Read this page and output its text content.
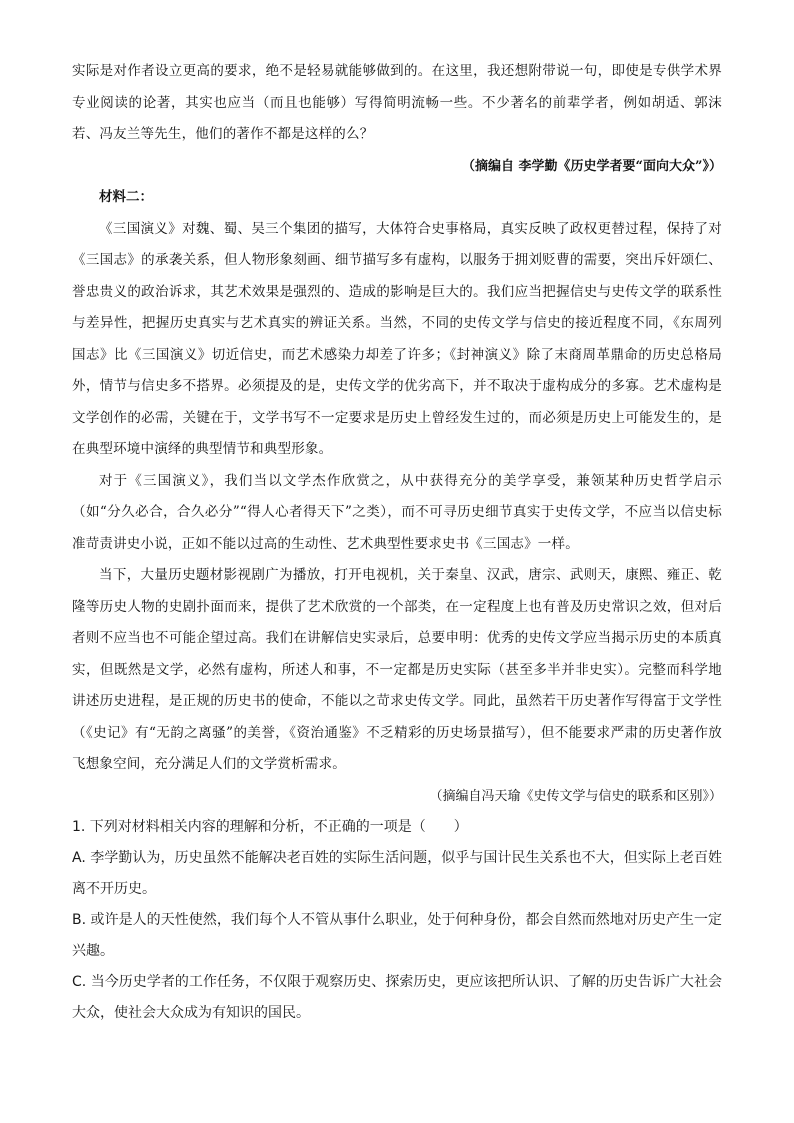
实际是对作者设立更高的要求，绝不是轻易就能够做到的。在这里，我还想附带说一句，即使是专供学术界专业阅读的论著，其实也应当（而且也能够）写得简明流畅一些。不少著名的前辈学者，例如胡适、郭沫若、冯友兰等先生，他们的著作不都是这样的么？

（摘编自 李学勤《历史学者要“面向大众”》）

材料二：

《三国演义》对魏、蜀、吴三个集团的描写，大体符合史事格局，真实反映了政权更替过程，保持了对《三国志》的承袭关系，但人物形象刻画、细节描写多有虚构，以服务于拥刘贬曹的需要，突出斥奸颂仁、誉忠贵义的政治诉求，其艺术效果是强烈的、造成的影响是巨大的。我们应当把握信史与史传文学的联系性与差异性，把握历史真实与艺术真实的辨证关系。当然，不同的史传文学与信史的接近程度不同，《东周列国志》比《三国演义》切近信史，而艺术感染力却差了许多；《封神演义》除了末商周革鼎命的历史总格局外，情节与信史多不搭界。必须提及的是，史传文学的优劣高下，并不取决于虚构成分的多寡。艺术虚构是文学创作的必需，关键在于，文学书写不一定要求是历史上曾经发生过的，而必须是历史上可能发生的，是在典型环境中演绎的典型情节和典型形象。

对于《三国演义》，我们当以文学杰作欣赏之，从中获得充分的美学享受，兼领某种历史哲学启示（如“分久必合，合久必分”“得人心者得天下”之类），而不可寻历史细节真实于史传文学，不应当以信史标准苛责讲史小说，正如不能以过高的生动性、艺术典型性要求史书《三国志》一样。

当下，大量历史题材影视剧广为播放，打开电视机，关于秦皇、汉武，唐宗、武则天，康熙、雍正、乾隆等历史人物的史剧扑面而来，提供了艺术欣赏的一个部类，在一定程度上也有普及历史常识之效，但对后者则不应当也不可能企望过高。我们在讲解信史实录后，总要申明：优秀的史传文学应当揭示历史的本质真实，但既然是文学，必然有虚构，所述人和事，不一定都是历史实际（甚至多半并非史实）。完整而科学地讲述历史进程，是正规的历史书的使命，不能以之苛求史传文学。同此，虽然若干历史著作写得富于文学性（《史记》有“无韵之离骚”的美誉，《资治通鉴》不乏精彩的历史场景描写），但不能要求严肃的历史著作放飞想象空间，充分满足人们的文学赏析需求。

（摘编自冯天瑜《史传文学与信史的联系和区别》）

1. 下列对材料相关内容的理解和分析，不正确的一项是（　　）

A. 李学勤认为，历史虽然不能解决老百姓的实际生活问题，似乎与国计民生关系也不大，但实际上老百姓离不开历史。

B. 或许是人的天性使然，我们每个人不管从事什么职业，处于何种身份，都会自然而然地对历史产生一定兴趣。

C. 当今历史学者的工作任务，不仅限于观察历史、探索历史，更应该把所认识、了解的历史告诉广大社会大众，使社会大众成为有知识的国民。
